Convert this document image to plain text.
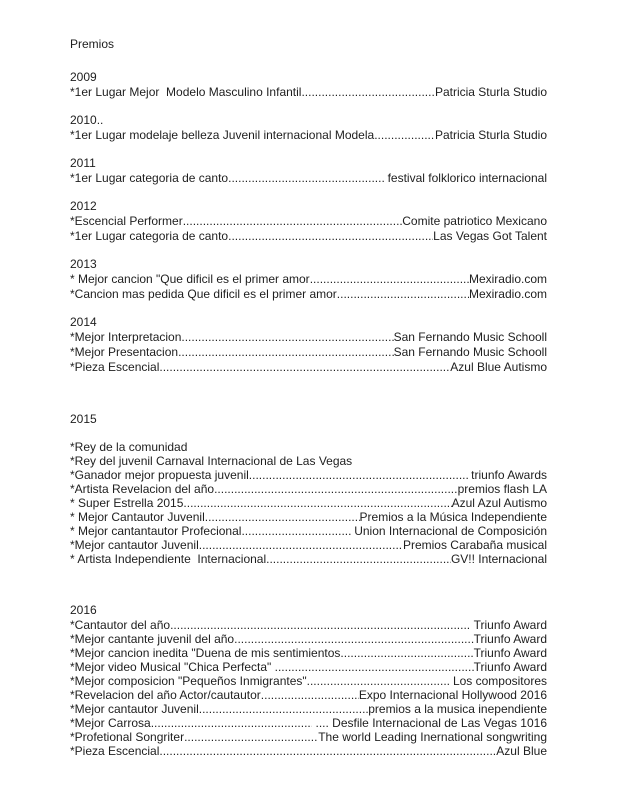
Premios
2009
*1er Lugar Mejor  Modelo Masculino Infantil .....	Patricia Sturla Studio
2010..
*1er Lugar modelaje belleza Juvenil internacional Modela .....	Patricia Sturla Studio
2011
*1er Lugar categoria de canto .....	festival folklorico internacional
2012
*Escencial Performer .....	Comite patriotico Mexicano
*1er Lugar categoria de canto .....	Las Vegas Got Talent
2013
* Mejor cancion "Que dificil es el primer amor .....	Mexiradio.com
*Cancion mas pedida Que dificil es el primer amor .....	Mexiradio.com
2014
*Mejor Interpretacion .....	San Fernando Music Schooll
*Mejor Presentacion .....	San Fernando Music Schooll
*Pieza Escencial .....	Azul Blue Autismo
2015
*Rey de la comunidad
*Rey del juvenil Carnaval Internacional de Las Vegas
*Ganador mejor propuesta juvenil .....	triunfo Awards
*Artista Revelacion del año .....	premios flash LA
* Super Estrella 2015 .....	Azul Azul Autismo
* Mejor Cantautor Juvenil .....	Premios a la Música Independiente
* Mejor cantantautor Profecional .....	Union Internacional de Composición
*Mejor cantautor Juvenil .....	Premios Carabaña musical
* Artista Independiente  Internacional .....	GV!! Internacional
2016
*Cantautor del año .....	Triunfo Award
*Mejor cantante juvenil del año .....	Triunfo Award
*Mejor cancion inedita "Duena de mis sentimientos .....	Triunfo Award
*Mejor video Musical "Chica Perfecta" .....	Triunfo Award
*Mejor composicion "Pequeños Inmigrantes" .....	Los compositores
*Revelacion del año Actor/cautautor .....	Expo Internacional Hollywood 2016
*Mejor cantautor Juvenil .....	premios a la musica inependiente
*Mejor Carrosa .....	.... Desfile Internacional de Las Vegas 1016
*Profetional Songriter .....	The world Leading Inernational songwriting
*Pieza Escencial .....	Azul Blue
